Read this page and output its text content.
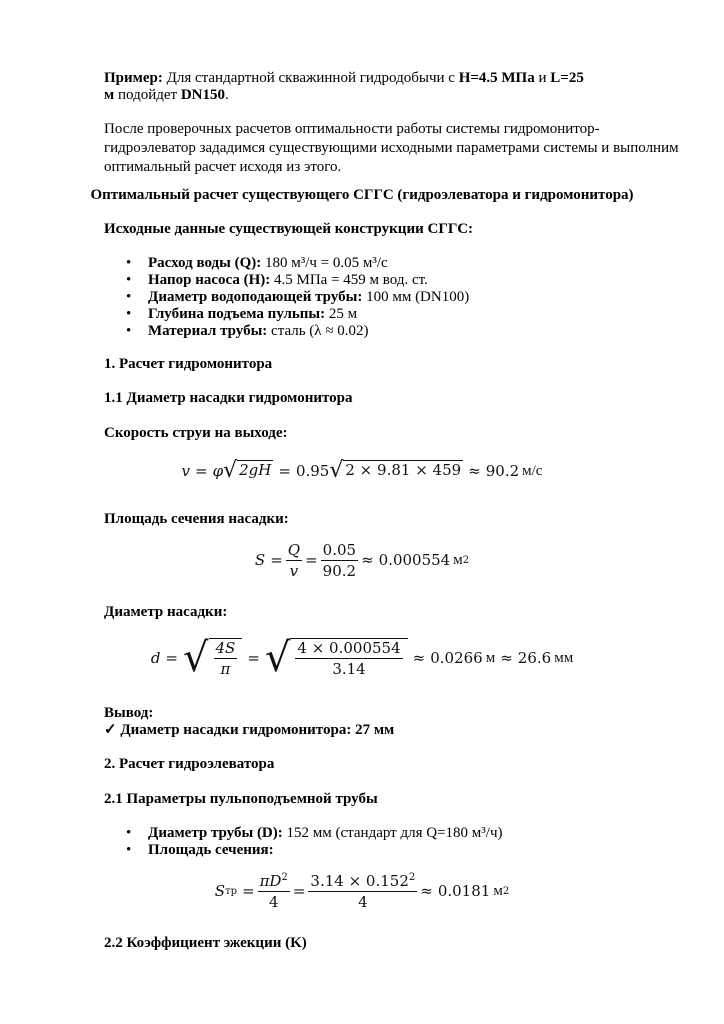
Пример: Для стандартной скважинной гидродобычи с H=4.5 МПа и L=25
м подойдет DN150.
После проверочных расчетов оптимальности работы системы гидромонитор-
гидроэлеватор зададимся существующими исходными параметрами системы и выполним
оптимальный расчет исходя из этого.
Оптимальный расчет существующего СГГС (гидроэлеватора и гидромонитора)
Исходные данные существующей конструкции СГГС:
• Расход воды (Q): 180 м³/ч = 0.05 м³/с
• Напор насоса (H): 4.5 МПа = 459 м вод. ст.
• Диаметр водоподающей трубы: 100 мм (DN100)
• Глубина подъема пульпы: 25 м
• Материал трубы: сталь (λ ≈ 0.02)
1. Расчет гидромонитора
1.1 Диаметр насадки гидромонитора
Скорость струи на выходе:
v = φ √ 2gH = 0.95 √ 2 × 9.81 × 459 ≈ 90.2 м/с
Площадь сечения насадки:
$S = \frac{Q}{v} = \frac{0.05}{90.2} \approx 0.000554$ м 2
Диаметр насадки:
d = √ $\frac{4S}{\pi}$ = √ $\frac{4 \times 0.000554}{3.14} \approx 0.0266$ м ≈ 26.6 мм
Вывод:
✓ Диаметр насадки гидромонитора: 27 мм
2. Расчет гидроэлеватора
2.1 Параметры пульпоподъемной трубы
• Диаметр трубы (D): 152 мм (стандарт для Q=180 м³/ч)
• Площадь сечения:
S тр = $\frac{\pi D^2}{4} = \frac{3.14 \times 0.152^2}{4} \approx 0.0181$ м 2
2.2 Коэффициент эжекции (K)
